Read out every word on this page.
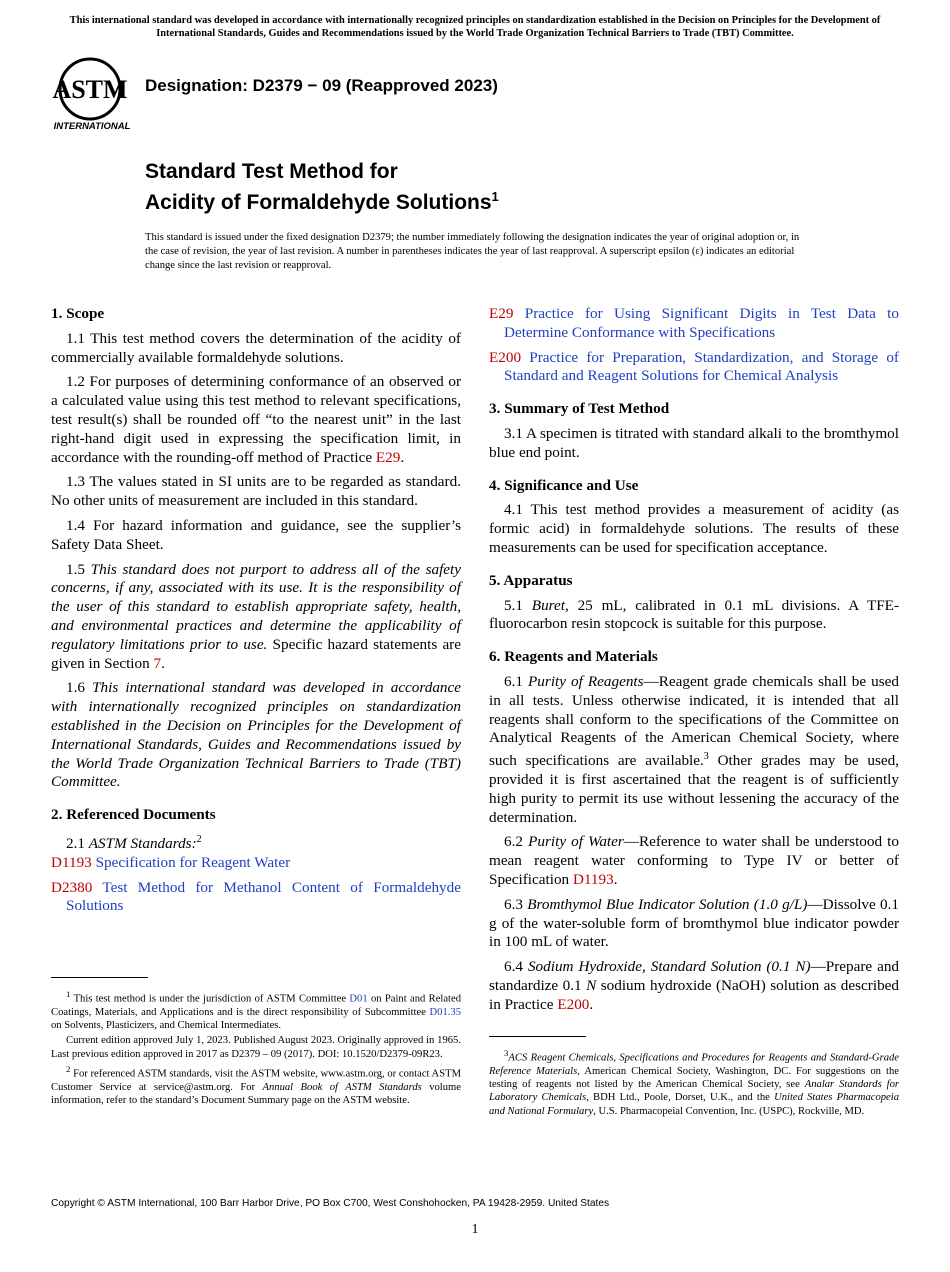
This international standard was developed in accordance with internationally recognized principles on standardization established in the Decision on Principles for the Development of International Standards, Guides and Recommendations issued by the World Trade Organization Technical Barriers to Trade (TBT) Committee.
ASTM
INTERNATIONAL
Designation: D2379 − 09 (Reapproved 2023)
Standard Test Method for
Acidity of Formaldehyde Solutions$^1$
This standard is issued under the fixed designation D2379; the number immediately following the designation indicates the year of original adoption or, in the case of revision, the year of last revision. A number in parentheses indicates the year of last reapproval. A superscript epsilon (ε) indicates an editorial change since the last revision or reapproval.
1. Scope

1.1 This test method covers the determination of the acidity of commercially available formaldehyde solutions.

1.2 For purposes of determining conformance of an observed or a calculated value using this test method to relevant specifications, test result(s) shall be rounded off “to the nearest unit” in the last right-hand digit used in expressing the specification limit, in accordance with the rounding-off method of Practice E29.

1.3 The values stated in SI units are to be regarded as standard. No other units of measurement are included in this standard.

1.4 For hazard information and guidance, see the supplier’s Safety Data Sheet.

1.5 This standard does not purport to address all of the safety concerns, if any, associated with its use. It is the responsibility of the user of this standard to establish appropriate safety, health, and environmental practices and determine the applicability of regulatory limitations prior to use. Specific hazard statements are given in Section 7.

1.6 This international standard was developed in accordance with internationally recognized principles on standardization established in the Decision on Principles for the Development of International Standards, Guides and Recommendations issued by the World Trade Organization Technical Barriers to Trade (TBT) Committee.

2. Referenced Documents

2.1 ASTM Standards:$^2$

D1193 Specification for Reagent Water

D2380 Test Method for Methanol Content of Formaldehyde Solutions

$^1$ This test method is under the jurisdiction of ASTM Committee D01 on Paint and Related Coatings, Materials, and Applications and is the direct responsibility of Subcommittee D01.35 on Solvents, Plasticizers, and Chemical Intermediates.

Current edition approved July 1, 2023. Published August 2023. Originally approved in 1965. Last previous edition approved in 2017 as D2379 – 09 (2017). DOI: 10.1520/D2379-09R23.

$^2$ For referenced ASTM standards, visit the ASTM website, www.astm.org, or contact ASTM Customer Service at service@astm.org. For Annual Book of ASTM Standards volume information, refer to the standard’s Document Summary page on the ASTM website.

E29 Practice for Using Significant Digits in Test Data to Determine Conformance with Specifications

E200 Practice for Preparation, Standardization, and Storage of Standard and Reagent Solutions for Chemical Analysis

3. Summary of Test Method

3.1 A specimen is titrated with standard alkali to the bromthymol blue end point.

4. Significance and Use

4.1 This test method provides a measurement of acidity (as formic acid) in formaldehyde solutions. The results of these measurements can be used for specification acceptance.

5. Apparatus

5.1 Buret, 25 mL, calibrated in 0.1 mL divisions. A TFE-fluorocarbon resin stopcock is suitable for this purpose.

6. Reagents and Materials

6.1 Purity of Reagents—Reagent grade chemicals shall be used in all tests. Unless otherwise indicated, it is intended that all reagents shall conform to the specifications of the Committee on Analytical Reagents of the American Chemical Society, where such specifications are available.$^3$ Other grades may be used, provided it is first ascertained that the reagent is of sufficiently high purity to permit its use without lessening the accuracy of the determination.

6.2 Purity of Water—Reference to water shall be understood to mean reagent water conforming to Type IV or better of Specification D1193.

6.3 Bromthymol Blue Indicator Solution (1.0 g/L)—Dissolve 0.1 g of the water-soluble form of bromthymol blue indicator powder in 100 mL of water.

6.4 Sodium Hydroxide, Standard Solution (0.1 N)—Prepare and standardize 0.1 N sodium hydroxide (NaOH) solution as described in Practice E200.

$^3$ACS Reagent Chemicals, Specifications and Procedures for Reagents and Standard-Grade Reference Materials, American Chemical Society, Washington, DC. For suggestions on the testing of reagents not listed by the American Chemical Society, see Analar Standards for Laboratory Chemicals, BDH Ltd., Poole, Dorset, U.K., and the United States Pharmacopeia and National Formulary, U.S. Pharmacopeial Convention, Inc. (USPC), Rockville, MD.

Copyright © ASTM International, 100 Barr Harbor Drive, PO Box C700, West Conshohocken, PA 19428-2959. United States
1
